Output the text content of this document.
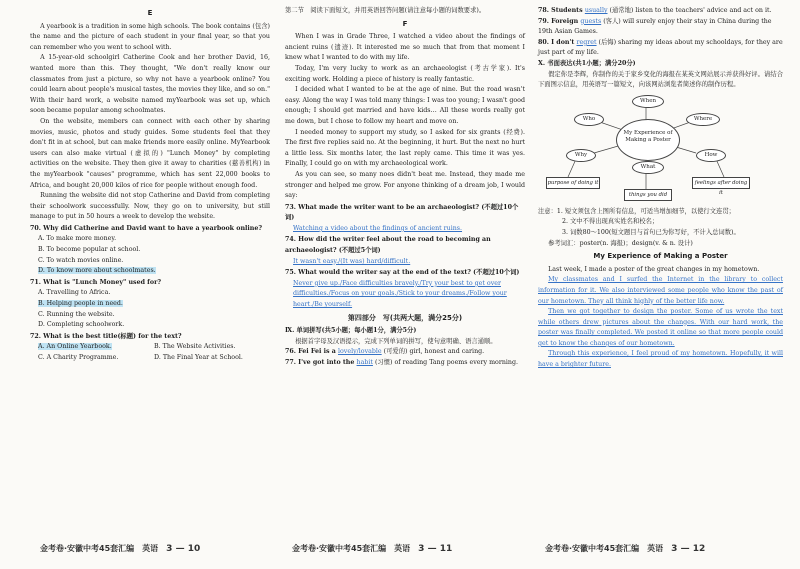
E

A yearbook is a tradition in some high schools. The book contains (包含) the name and the picture of each student in your final year, so that you can remember who you went to school with.

A 15-year-old schoolgirl Catherine Cook and her brother David, 16, wanted more than this. They thought, "We don't really know our classmates from just a picture, so why not have a yearbook online? You could learn about people's musical tastes, the movies they like, and so on." With their hard work, a website named myYearbook was set up, which soon became popular among schoolmates.

On the website, members can connect with each other by sharing movies, music, photos and study guides. Some students feel that they don't fit in at school, but can make friends more easily online. MyYearbook users can also make virtual (虚拟的) "Lunch Money" by completing activities on the website. They then give it away to charities (慈善机构) in the myYearbook "causes" programme, which has sent 22,000 books to Africa, and bought 20,000 kilos of rice for people without enough food.

Running the website did not stop Catherine and David from completing their schoolwork successfully. Now, they go on to university, but still manage to put in 50 hours a week to develop the website.

70. Why did Catherine and David want to have a yearbook online?
A. To make more money.
B. To become popular at school.
C. To watch movies online.
D. To know more about schoolmates.
71. What is "Lunch Money" used for?
A. Travelling to Africa.
B. Helping people in need.
C. Running the website.
D. Completing schoolwork.
72. What is the best title(标题) for the text?
A. An Online Yearbook.	B. The Website Activities.
C. A Charity Programme.	D. The Final Year at School.

第二节　阅读下面短文，并用英语回答问题(请注意每小题的词数要求)。

F

When I was in Grade Three, I watched a video about the findings of ancient ruins (遗迹). It interested me so much that from that moment I knew what I wanted to do with my life.

Today, I'm very lucky to work as an archaeologist (考古学家). It's exciting work. Holding a piece of history is really fantastic.

I decided what I wanted to be at the age of nine. But the road wasn't easy. Along the way I was told many things: I was too young; I wasn't good enough; I should get married and have kids… All these words really got me down, but I chose to follow my heart and move on.

I needed money to support my study, so I asked for six grants (经费). The first five replies said no. At the beginning, it hurt. But the next no hurt a little less. Six months later, the last reply came. This time it was yes. Finally, I could go on with my archaeological work.

As you can see, so many noes didn't beat me. Instead, they made me stronger and helped me grow. For anyone thinking of a dream job, I would say:

73. What made the writer want to be an archaeologist? (不超过10个词)
Watching a video about the findings of ancient ruins.
74. How did the writer feel about the road to becoming an archaeologist? (不超过5个词)
It wasn't easy./(It was) hard/difficult.
75. What would the writer say at the end of the text? (不超过10个词)
Never give up./Face difficulties bravely./Try your best to get over difficulties./Focus on your goals./Stick to your dreams./Follow your heart./Be yourself.
第四部分　写(共两大题，满分25分)
Ⅸ. 单词拼写(共5小题；每小题1分，满分5分)

根据首字母及汉语提示，完成下列单词的拼写，使句意明确、语言通顺。

76. Fei Fei is a lovely/lovable (可爱的) girl, honest and caring.
77. I've got into the habit (习惯) of reading Tang poems every morning.
78. Students usually (通常地) listen to the teachers' advice and act on it.
79. Foreign guests (客人) will surely enjoy their stay in China during the 19th Asian Games.
80. I don't regret (后悔) sharing my ideas about my schooldays, for they are just part of my life.
Ⅹ. 书面表达(共1小题；满分20分)

假定你是李辉，你制作的关于家乡变化的海报在某英文网站展示并获得好评。请结合下面图示信息，用英语写一篇短文，向该网站浏览者简述你的制作历程。

When
Who	Where
Why	How
What
My Experience of Making a Poster
purpose of doing it
things you did
feelings after doing it

注意：1. 短文须包含上图所有信息，可适当增加细节，以使行文连贯；

2. 文中不得出现真实姓名和校名；

3. 词数80～100(短文题目与首句已为你写好，不计入总词数)。

参考词汇：poster(n. 海报)；design(v. & n. 设计)

My Experience of Making a Poster

Last week, I made a poster of the great changes in my hometown.

My classmates and I surfed the Internet in the library to collect information for it. We also interviewed some people who know the past of our hometown. They all think highly of the better life now.

Then we got together to design the poster. Some of us wrote the text while others drew pictures about the changes. With our hard work, the poster was finally completed. We posted it online so that more people could get to know the changes of our hometown.

Through this experience, I feel proud of my hometown. Hopefully, it will have a brighter future.

金考卷·安徽中考45套汇编　英语　3 — 10	金考卷·安徽中考45套汇编　英语　3 — 11	金考卷·安徽中考45套汇编　英语　3 — 12
